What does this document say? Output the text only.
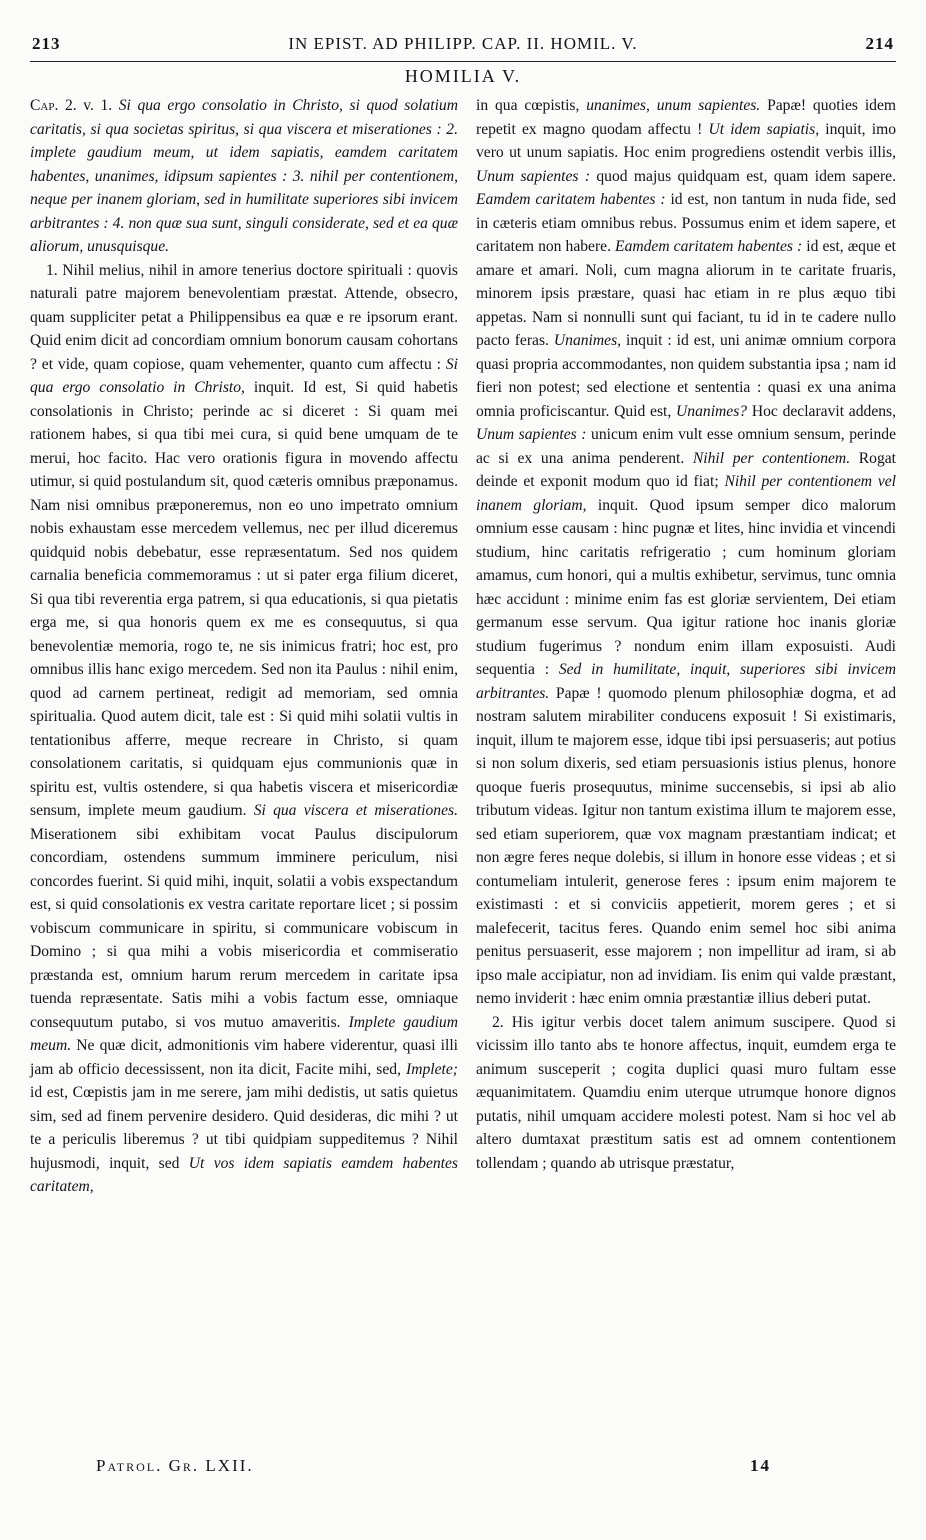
213	IN EPIST. AD PHILIPP. CAP. II. HOMIL. V.	214
HOMILIA V.

Cap. 2. v. 1. Si qua ergo consolatio in Christo, si quod solatium caritatis, si qua societas spiritus, si qua viscera et miserationes : 2. implete gaudium meum, ut idem sapiatis, eamdem caritatem habentes, unanimes, idipsum sapientes : 3. nihil per contentionem, neque per inanem gloriam, sed in humilitate superiores sibi invicem arbitrantes : 4. non quæ sua sunt, singuli considerate, sed et ea quæ aliorum, unusquisque.

1. Nihil melius, nihil in amore tenerius doctore spirituali : quovis naturali patre majorem benevolentiam præstat. Attende, obsecro, quam suppliciter petat a Philippensibus ea quæ e re ipsorum erant. Quid enim dicit ad concordiam omnium bonorum causam cohortans ? et vide, quam copiose, quam vehementer, quanto cum affectu : Si qua ergo consolatio in Christo, inquit. Id est, Si quid habetis consolationis in Christo; perinde ac si diceret : Si quam mei rationem habes, si qua tibi mei cura, si quid bene umquam de te merui, hoc facito. Hac vero orationis figura in movendo affectu utimur, si quid postulandum sit, quod cæteris omnibus præponamus. Nam nisi omnibus præponeremus, non eo uno impetrato omnium nobis exhaustam esse mercedem vellemus, nec per illud diceremus quidquid nobis debebatur, esse repræsentatum. Sed nos quidem carnalia beneficia commemoramus : ut si pater erga filium diceret, Si qua tibi reverentia erga patrem, si qua educationis, si qua pietatis erga me, si qua honoris quem ex me es consequutus, si qua benevolentiæ memoria, rogo te, ne sis inimicus fratri; hoc est, pro omnibus illis hanc exigo mercedem. Sed non ita Paulus : nihil enim, quod ad carnem pertineat, redigit ad memoriam, sed omnia spiritualia. Quod autem dicit, tale est : Si quid mihi solatii vultis in tentationibus afferre, meque recreare in Christo, si quam consolationem caritatis, si quidquam ejus communionis quæ in spiritu est, vultis ostendere, si qua habetis viscera et misericordiæ sensum, implete meum gaudium. Si qua viscera et miserationes. Miserationem sibi exhibitam vocat Paulus discipulorum concordiam, ostendens summum imminere periculum, nisi concordes fuerint. Si quid mihi, inquit, solatii a vobis exspectandum est, si quid consolationis ex vestra caritate reportare licet ; si possim vobiscum communicare in spiritu, si communicare vobiscum in Domino ; si qua mihi a vobis misericordia et commiseratio præstanda est, omnium harum rerum mercedem in caritate ipsa tuenda repræsentate. Satis mihi a vobis factum esse, omniaque consequutum putabo, si vos mutuo amaveritis. Implete gaudium meum. Ne quæ dicit, admonitionis vim habere viderentur, quasi illi jam ab officio decessissent, non ita dicit, Facite mihi, sed, Implete; id est, Cœpistis jam in me serere, jam mihi dedistis, ut satis quietus sim, sed ad finem pervenire desidero. Quid desideras, dic mihi ? ut te a periculis liberemus ? ut tibi quidpiam suppeditemus ? Nihil hujusmodi, inquit, sed Ut vos idem sapiatis eamdem habentes caritatem,

in qua cœpistis, unanimes, unum sapientes. Papæ! quoties idem repetit ex magno quodam affectu ! Ut idem sapiatis, inquit, imo vero ut unum sapiatis. Hoc enim progrediens ostendit verbis illis, Unum sapientes : quod majus quidquam est, quam idem sapere. Eamdem caritatem habentes : id est, non tantum in nuda fide, sed in cæteris etiam omnibus rebus. Possumus enim et idem sapere, et caritatem non habere. Eamdem caritatem habentes : id est, æque et amare et amari. Noli, cum magna aliorum in te caritate fruaris, minorem ipsis præstare, quasi hac etiam in re plus æquo tibi appetas. Nam si nonnulli sunt qui faciant, tu id in te cadere nullo pacto feras. Unanimes, inquit : id est, uni animæ omnium corpora quasi propria accommodantes, non quidem substantia ipsa ; nam id fieri non potest; sed electione et sententia : quasi ex una anima omnia proficiscantur. Quid est, Unanimes? Hoc declaravit addens, Unum sapientes : unicum enim vult esse omnium sensum, perinde ac si ex una anima penderent. Nihil per contentionem. Rogat deinde et exponit modum quo id fiat; Nihil per contentionem vel inanem gloriam, inquit. Quod ipsum semper dico malorum omnium esse causam : hinc pugnæ et lites, hinc invidia et vincendi studium, hinc caritatis refrigeratio ; cum hominum gloriam amamus, cum honori, qui a multis exhibetur, servimus, tunc omnia hæc accidunt : minime enim fas est gloriæ servientem, Dei etiam germanum esse servum. Qua igitur ratione hoc inanis gloriæ studium fugerimus ? nondum enim illam exposuisti. Audi sequentia : Sed in humilitate, inquit, superiores sibi invicem arbitrantes. Papæ ! quomodo plenum philosophiæ dogma, et ad nostram salutem mirabiliter conducens exposuit ! Si existimaris, inquit, illum te majorem esse, idque tibi ipsi persuaseris; aut potius si non solum dixeris, sed etiam persuasionis istius plenus, honore quoque fueris prosequutus, minime succensebis, si ipsi ab alio tributum videas. Igitur non tantum existima illum te majorem esse, sed etiam superiorem, quæ vox magnam præstantiam indicat; et non ægre feres neque dolebis, si illum in honore esse videas ; et si contumeliam intulerit, generose feres : ipsum enim majorem te existimasti : et si conviciis appetierit, morem geres ; et si malefecerit, tacitus feres. Quando enim semel hoc sibi anima penitus persuaserit, esse majorem ; non impellitur ad iram, si ab ipso male accipiatur, non ad invidiam. Iis enim qui valde præstant, nemo inviderit : hæc enim omnia præstantiæ illius deberi putat.

2. His igitur verbis docet talem animum suscipere. Quod si vicissim illo tanto abs te honore affectus, inquit, eumdem erga te animum susceperit ; cogita duplici quasi muro fultam esse æquanimitatem. Quamdiu enim uterque utrumque honore dignos putatis, nihil umquam accidere molesti potest. Nam si hoc vel ab altero dumtaxat præstitum satis est ad omnem contentionem tollendam ; quando ab utrisque præstatur,

Patrol. Gr. LXII.	14
